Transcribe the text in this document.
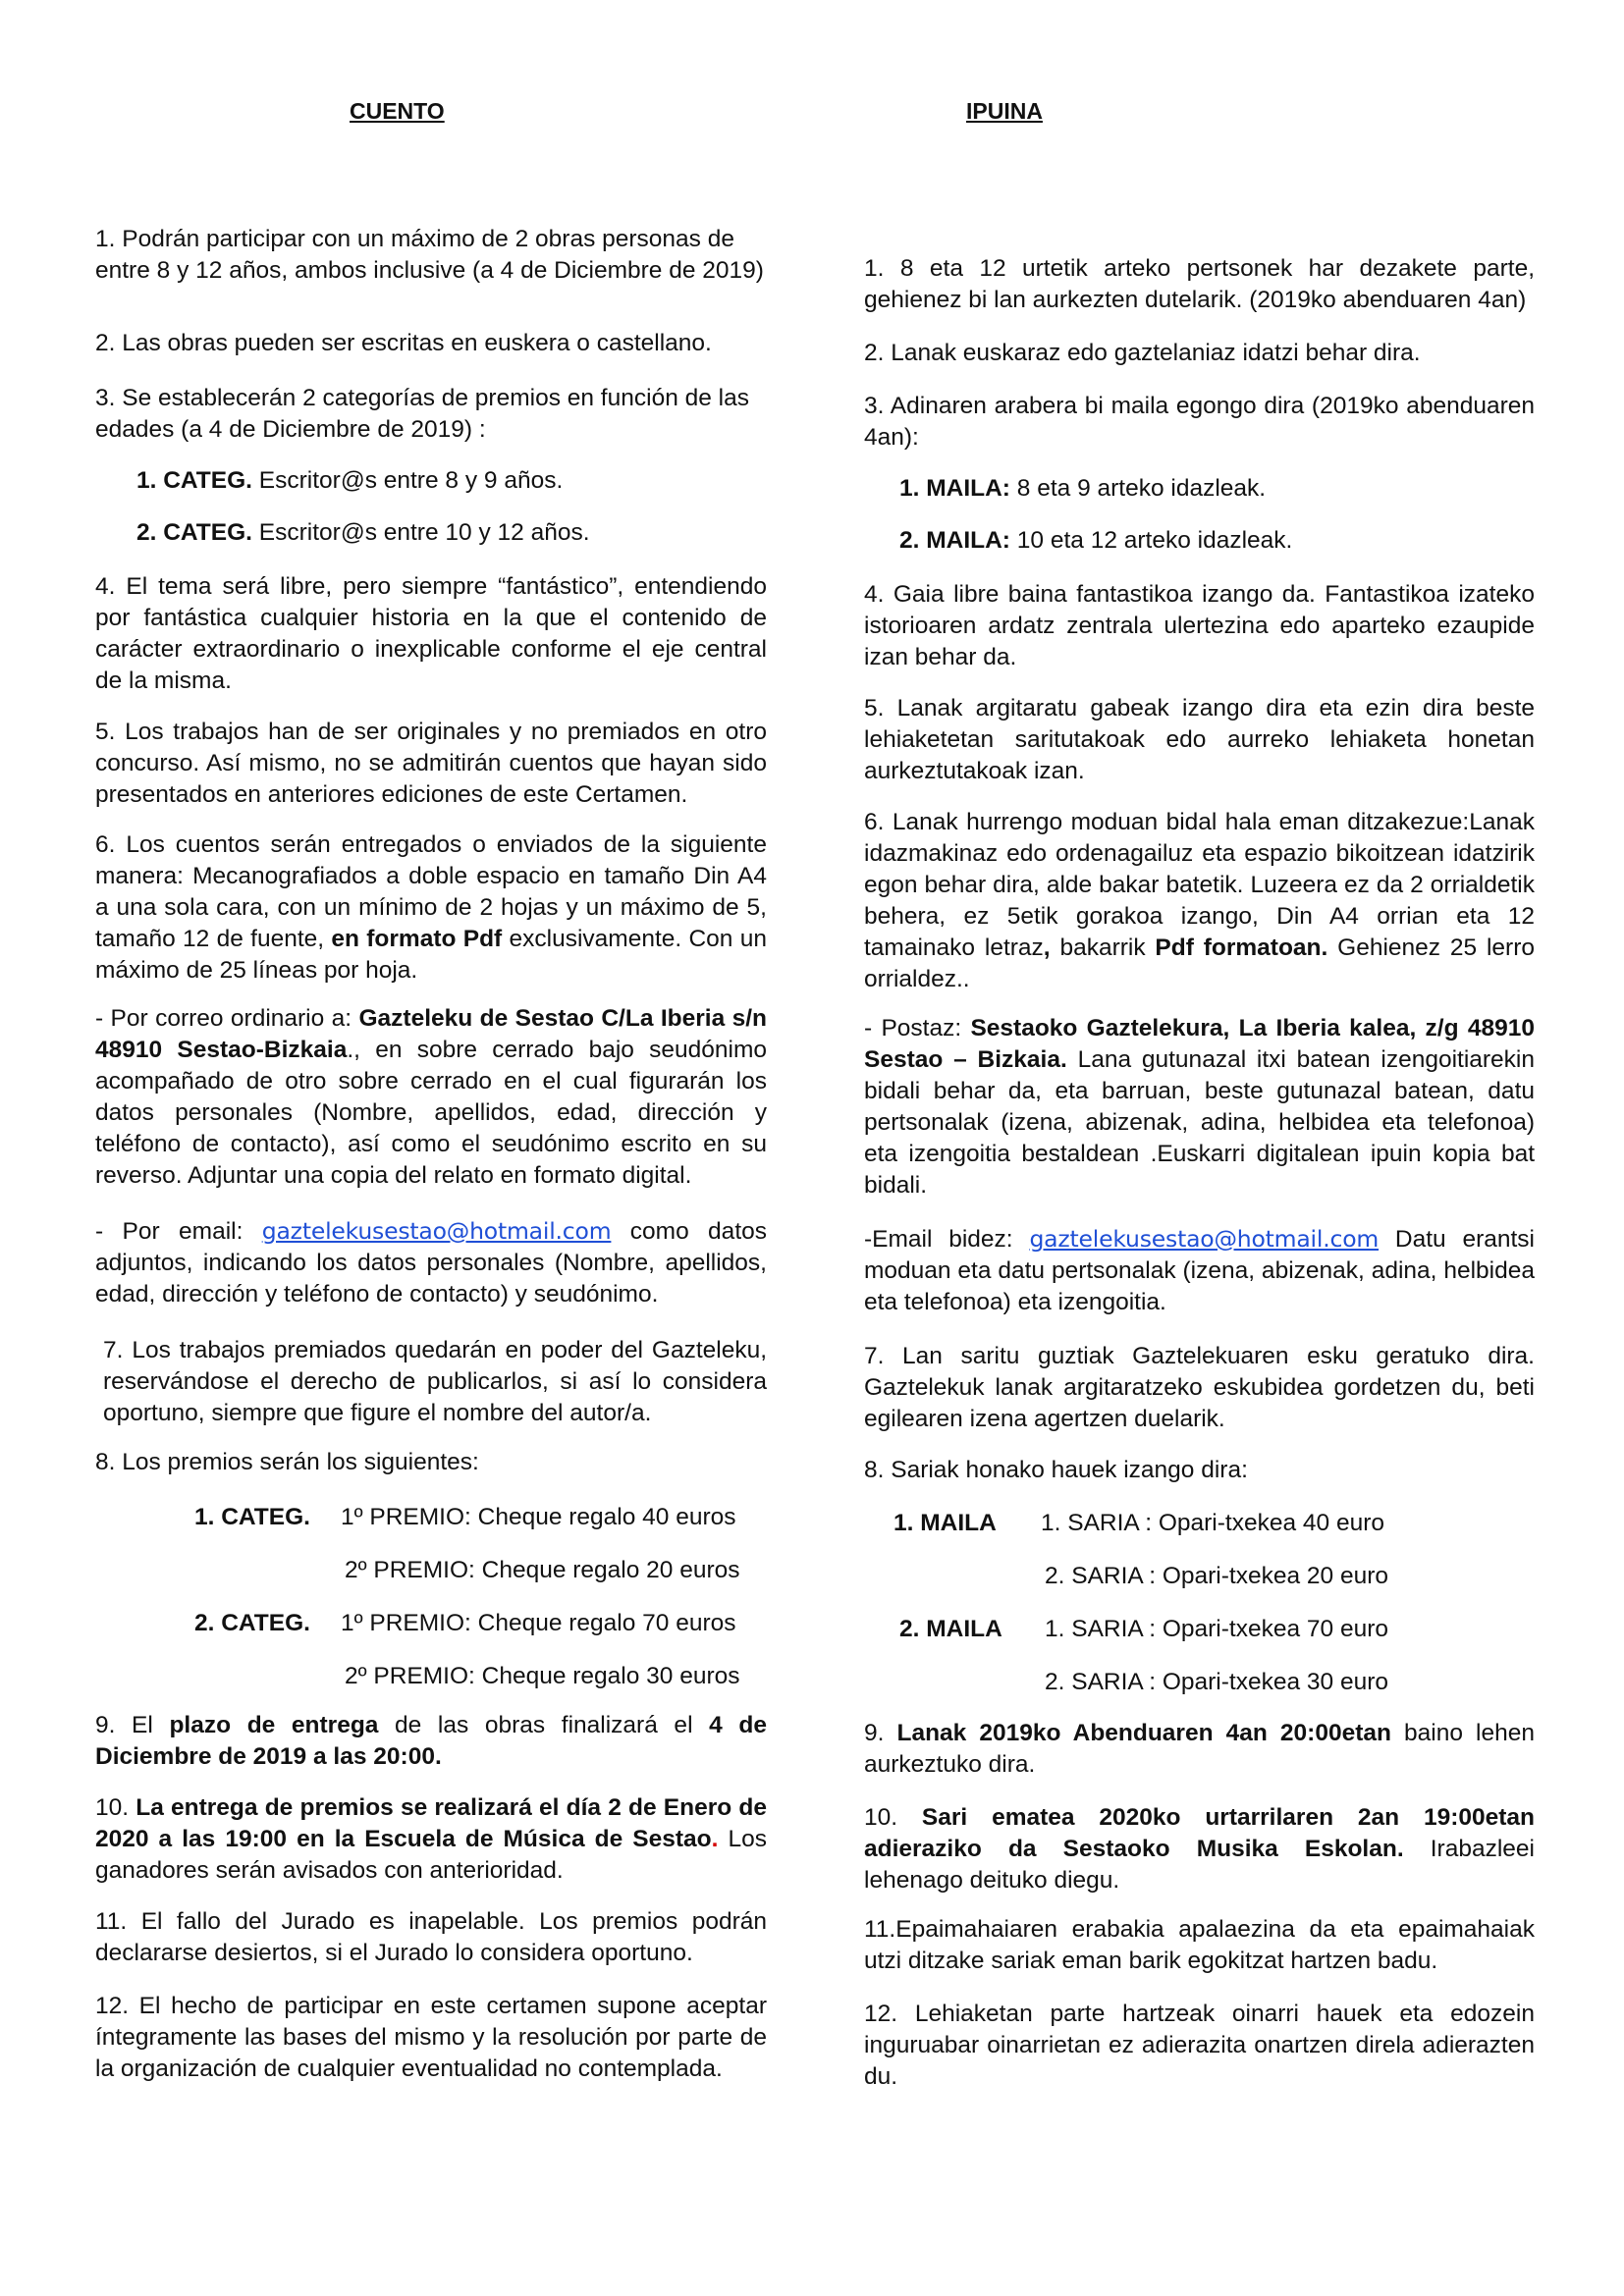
CUENTO	IPUINA

1. Podrán participar con un máximo de 2 obras personas de entre 8 y 12 años, ambos inclusive (a 4 de Diciembre de 2019)

2. Las obras pueden ser escritas en euskera o castellano.

3. Se establecerán 2 categorías de premios en función de las edades (a 4 de Diciembre de 2019) :

1. CATEG. Escritor@s entre 8 y 9 años.

2. CATEG. Escritor@s entre 10 y 12 años.

4. El tema será libre, pero siempre “fantástico”, entendiendo por fantástica cualquier historia en la que el contenido de carácter extraordinario o inexplicable conforme el eje central de la misma.

5. Los trabajos han de ser originales y no premiados en otro concurso. Así mismo, no se admitirán cuentos que hayan sido presentados en anteriores ediciones de este Certamen.

6. Los cuentos serán entregados o enviados de la siguiente manera: Mecanografiados a doble espacio en tamaño Din A4 a una sola cara, con un mínimo de 2 hojas y un máximo de 5, tamaño 12 de fuente, en formato Pdf exclusivamente. Con un máximo de 25 líneas por hoja.

- Por correo ordinario a: Gazteleku de Sestao C/La Iberia s/n 48910 Sestao-Bizkaia., en sobre cerrado bajo seudónimo acompañado de otro sobre cerrado en el cual figurarán los datos personales (Nombre, apellidos, edad, dirección y teléfono de contacto), así como el seudónimo escrito en su reverso. Adjuntar una copia del relato en formato digital.

- Por email: gaztelekusestao@hotmail.com como datos adjuntos, indicando los datos personales (Nombre, apellidos, edad, dirección y teléfono de contacto) y seudónimo.

7. Los trabajos premiados quedarán en poder del Gazteleku, reservándose el derecho de publicarlos, si así lo considera oportuno, siempre que figure el nombre del autor/a.

8. Los premios serán los siguientes:

1. CATEG. 1º PREMIO: Cheque regalo 40 euros

2º PREMIO: Cheque regalo 20 euros

2. CATEG. 1º PREMIO: Cheque regalo 70 euros

2º PREMIO: Cheque regalo 30 euros

9. El plazo de entrega de las obras finalizará el 4 de Diciembre de 2019 a las 20:00.

10. La entrega de premios se realizará el día 2 de Enero de 2020 a las 19:00 en la Escuela de Música de Sestao. Los ganadores serán avisados con anterioridad.

11. El fallo del Jurado es inapelable. Los premios podrán declararse desiertos, si el Jurado lo considera oportuno.

12. El hecho de participar en este certamen supone aceptar íntegramente las bases del mismo y la resolución por parte de la organización de cualquier eventualidad no contemplada.

1. 8 eta 12 urtetik arteko pertsonek har dezakete parte, gehienez bi lan aurkezten dutelarik. (2019ko abenduaren 4an)

2. Lanak euskaraz edo gaztelaniaz idatzi behar dira.

3. Adinaren arabera bi maila egongo dira (2019ko abenduaren 4an):

1. MAILA: 8 eta 9 arteko idazleak.

2. MAILA: 10 eta 12 arteko idazleak.

4. Gaia libre baina fantastikoa izango da. Fantastikoa izateko istorioaren ardatz zentrala ulertezina edo aparteko ezaupide izan behar da.

5. Lanak argitaratu gabeak izango dira eta ezin dira beste lehiaketetan saritutakoak edo aurreko lehiaketa honetan aurkeztutakoak izan.

6. Lanak hurrengo moduan bidal hala eman ditzakezue:Lanak idazmakinaz edo ordenagailuz eta espazio bikoitzean idatzirik egon behar dira, alde bakar batetik. Luzeera ez da 2 orrialdetik behera, ez 5etik gorakoa izango, Din A4 orrian eta 12 tamainako letraz, bakarrik Pdf formatoan. Gehienez 25 lerro orrialdez..

- Postaz: Sestaoko Gaztelekura, La Iberia kalea, z/g 48910 Sestao – Bizkaia. Lana gutunazal itxi batean izengoitiarekin bidali behar da, eta barruan, beste gutunazal batean, datu pertsonalak (izena, abizenak, adina, helbidea eta telefonoa) eta izengoitia bestaldean .Euskarri digitalean ipuin kopia bat bidali.

-Email bidez: gaztelekusestao@hotmail.com Datu erantsi moduan eta datu pertsonalak (izena, abizenak, adina, helbidea eta telefonoa) eta izengoitia.

7. Lan saritu guztiak Gaztelekuaren esku geratuko dira. Gaztelekuk lanak argitaratzeko eskubidea gordetzen du, beti egilearen izena agertzen duelarik.

8. Sariak honako hauek izango dira:

1. MAILA 1. SARIA : Opari-txekea 40 euro

2. SARIA : Opari-txekea 20 euro

2. MAILA 1. SARIA : Opari-txekea 70 euro

2. SARIA : Opari-txekea 30 euro

9. Lanak 2019ko Abenduaren 4an 20:00etan baino lehen aurkeztuko dira.

10. Sari ematea 2020ko urtarrilaren 2an 19:00etan adieraziko da Sestaoko Musika Eskolan. Irabazleei lehenago deituko diegu.

11.Epaimahaiaren erabakia apalaezina da eta epaimahaiak utzi ditzake sariak eman barik egokitzat hartzen badu.

12. Lehiaketan parte hartzeak oinarri hauek eta edozein inguruabar oinarrietan ez adierazita onartzen direla adierazten du.
